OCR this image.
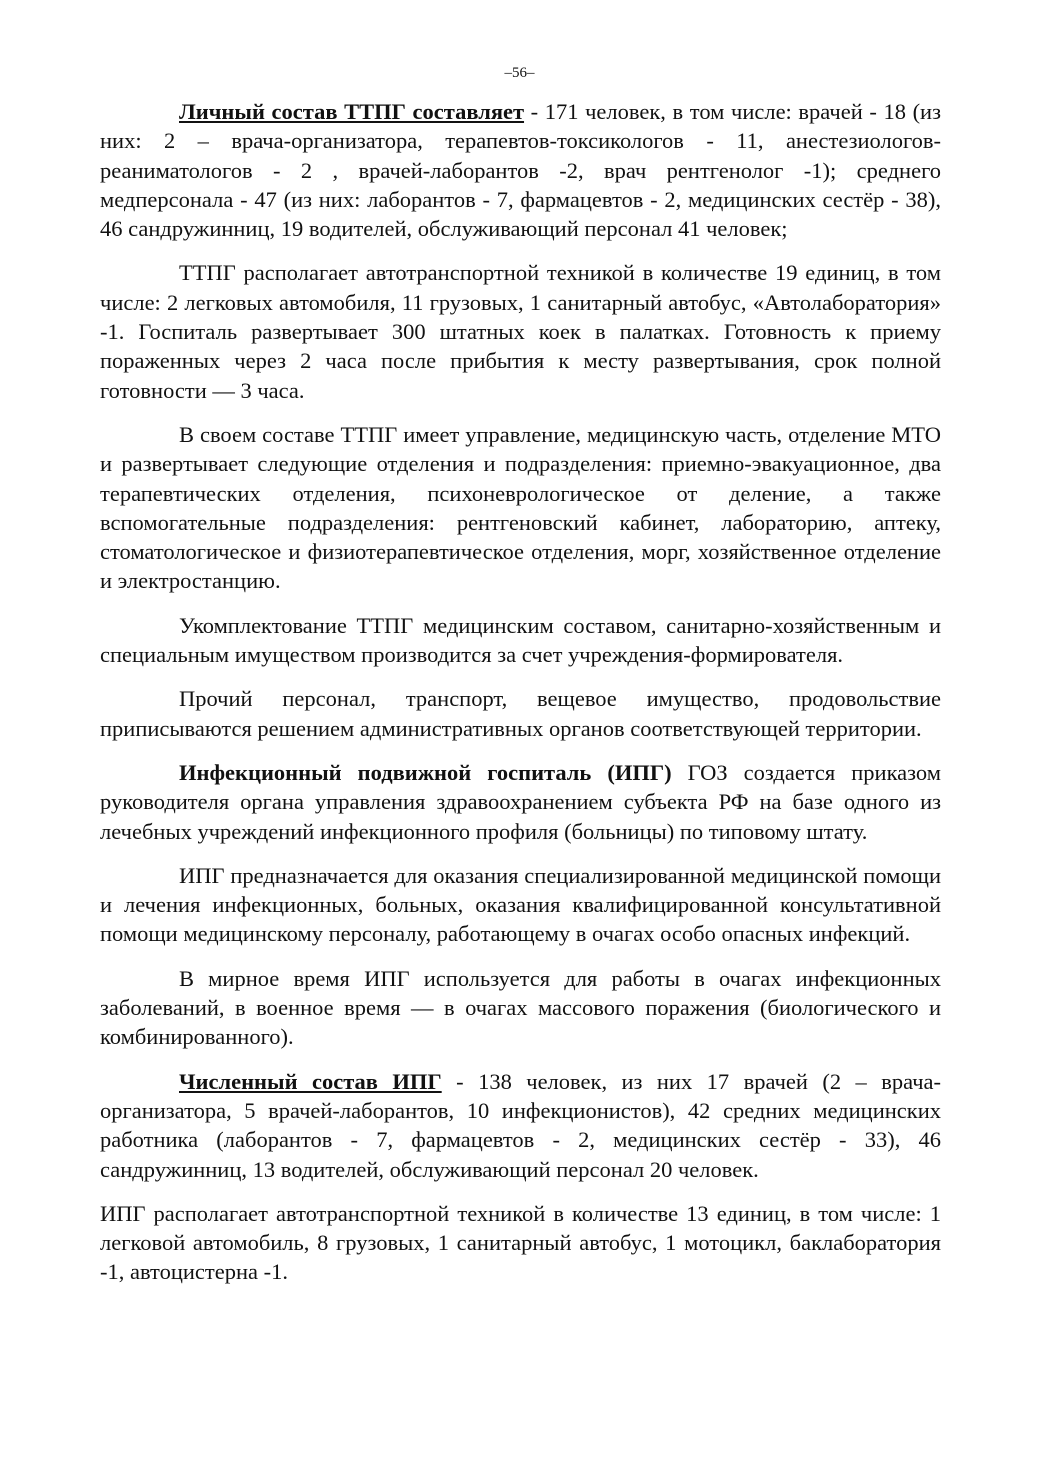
–56–

Личный состав ТТПГ составляет - 171 человек, в том числе: врачей - 18 (из них: 2 – врача-организатора, терапевтов-токсикологов - 11, анестезиологов-реаниматологов - 2 , врачей-лаборантов -2, врач рентгенолог -1); среднего медперсонала - 47 (из них: лаборантов - 7, фармацевтов - 2, медицинских сестёр - 38), 46 сандружинниц, 19 водителей, обслуживающий персонал 41 человек;

ТТПГ располагает автотранспортной техникой в количестве 19 единиц, в том числе: 2 легковых автомобиля, 11 грузовых, 1 санитарный автобус, «Автолаборатория» -1. Госпиталь развертывает 300 штатных коек в палатках. Готовность к приему пораженных через 2 часа после прибытия к месту развертывания, срок полной готовности — 3 часа.

В своем составе ТТПГ имеет управление, медицинскую часть, отделение МТО и развертывает следующие отделения и подразделения: приемно-эвакуационное, два терапевтических отделения, психоневрологическое от деление, а также вспомогательные подразделения: рентгеновский кабинет, лабораторию, аптеку, стоматологическое и физиотерапевтическое отделения, морг, хозяйственное отделение и электростанцию.

Укомплектование ТТПГ медицинским составом, санитарно-хозяйственным и специальным имуществом производится за счет учреждения-формирователя.

Прочий персонал, транспорт, вещевое имущество, продовольствие приписываются решением административных органов соответствующей территории.

Инфекционный подвижной госпиталь (ИПГ) ГОЗ создается приказом руководителя органа управления здравоохранением субъекта РФ на базе одного из лечебных учреждений инфекционного профиля (больницы) по типовому штату.

ИПГ предназначается для оказания специализированной медицинской помощи и лечения инфекционных, больных, оказания квалифицированной консультативной помощи медицинскому персоналу, работающему в очагах особо опасных инфекций.

В мирное время ИПГ используется для работы в очагах инфекционных заболеваний, в военное время — в очагах массового поражения (биологического и комбинированного).

Численный состав ИПГ - 138 человек, из них 17 врачей (2 – врача-организатора, 5 врачей-лаборантов, 10 инфекционистов), 42 средних медицинских работника (лаборантов - 7, фармацевтов - 2, медицинских сестёр - 33), 46 сандружинниц, 13 водителей, обслуживающий персонал 20 человек.

ИПГ располагает автотранспортной техникой в количестве 13 единиц, в том числе: 1 легковой автомобиль, 8 грузовых, 1 санитарный автобус, 1 мотоцикл, баклаборатория -1, автоцистерна -1.
